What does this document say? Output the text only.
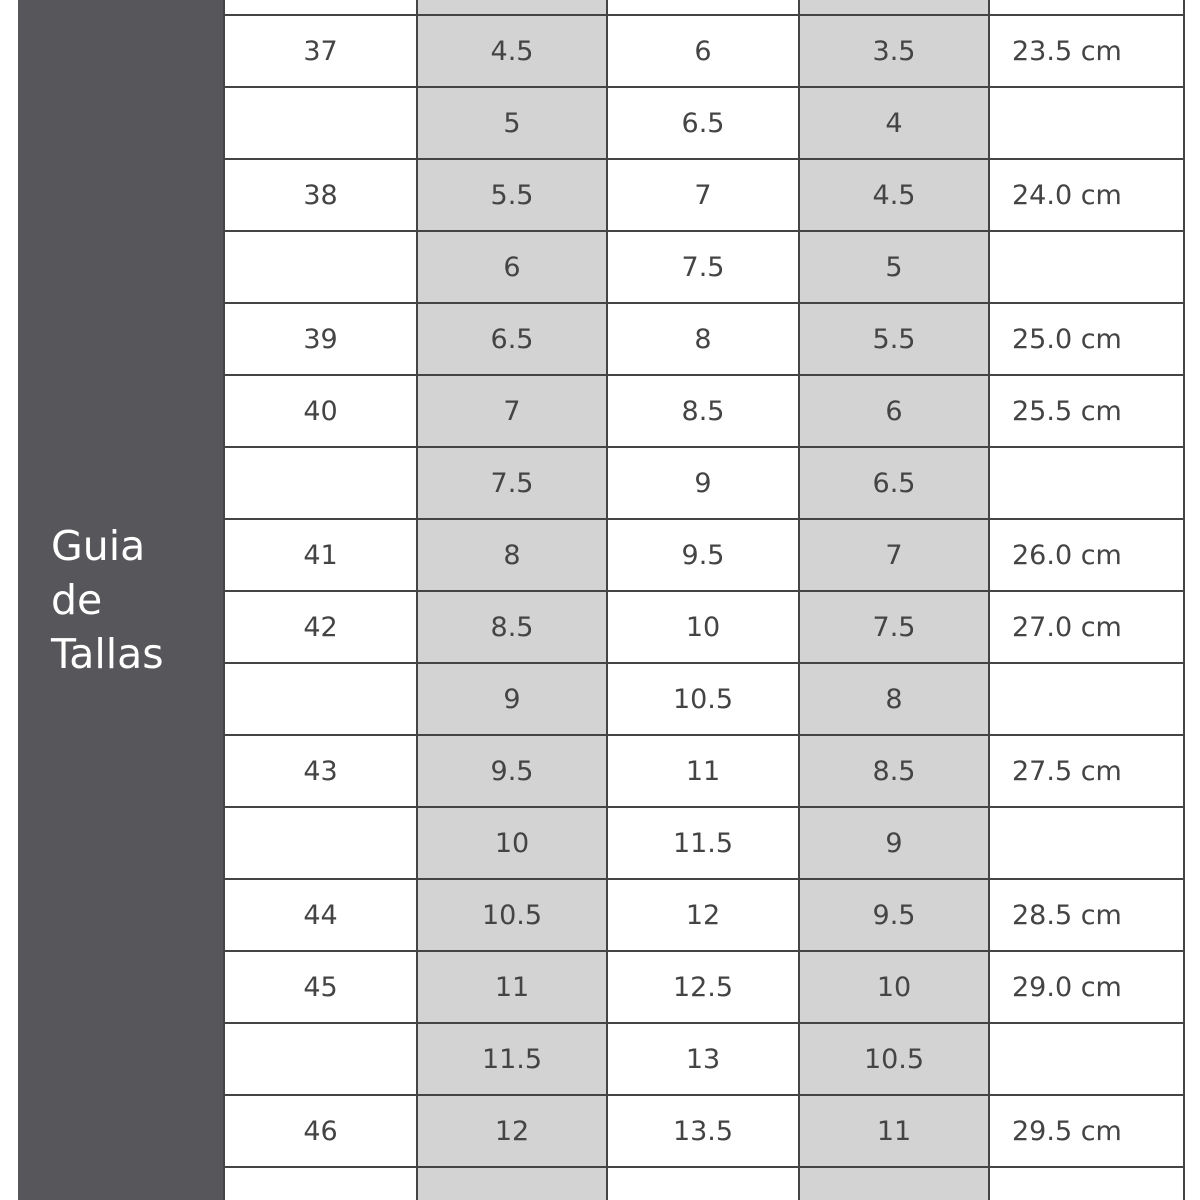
Guia de Tallas

37	4.5	6	3.5	23.5 cm
	5	6.5	4	
38	5.5	7	4.5	24.0 cm
	6	7.5	5	
39	6.5	8	5.5	25.0 cm
40	7	8.5	6	25.5 cm
	7.5	9	6.5	
41	8	9.5	7	26.0 cm
42	8.5	10	7.5	27.0 cm
	9	10.5	8	
43	9.5	11	8.5	27.5 cm
	10	11.5	9	
44	10.5	12	9.5	28.5 cm
45	11	12.5	10	29.0 cm
	11.5	13	10.5	
46	12	13.5	11	29.5 cm
